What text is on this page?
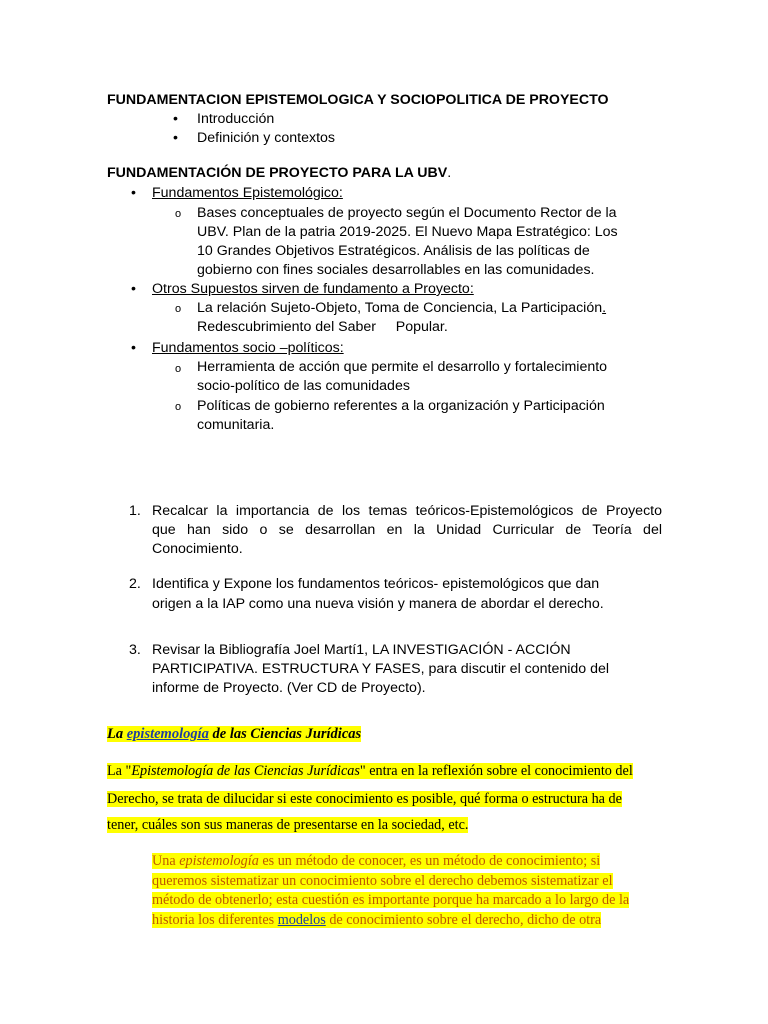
FUNDAMENTACION EPISTEMOLOGICA Y SOCIOPOLITICA DE PROYECTO
• Introducción
• Definición y contextos
FUNDAMENTACIÓN DE PROYECTO PARA LA UBV.
• Fundamentos Epistemológico:
o Bases conceptuales de proyecto según el Documento Rector de la
UBV. Plan de la patria 2019-2025. El Nuevo Mapa Estratégico: Los
10 Grandes Objetivos Estratégicos. Análisis de las políticas de
gobierno con fines sociales desarrollables en las comunidades.
• Otros Supuestos sirven de fundamento a Proyecto:
o La relación Sujeto-Objeto, Toma de Conciencia, La Participación.
Redescubrimiento del Saber     Popular.
• Fundamentos socio –políticos:
o Herramienta de acción que permite el desarrollo y fortalecimiento
socio-político de las comunidades
o Políticas de gobierno referentes a la organización y Participación
comunitaria.
1. Recalcar la importancia de los temas teóricos-Epistemológicos de Proyecto
que han sido o se desarrollan en la Unidad Curricular de Teoría del
Conocimiento.
2. Identifica y Expone los fundamentos teóricos- epistemológicos que dan
origen a la IAP como una nueva visión y manera de abordar el derecho.
3. Revisar la Bibliografía Joel Martí1, LA INVESTIGACIÓN - ACCIÓN
PARTICIPATIVA. ESTRUCTURA Y FASES, para discutir el contenido del
informe de Proyecto. (Ver CD de Proyecto).
La epistemología de las Ciencias Jurídicas
La "Epistemología de las Ciencias Jurídicas" entra en la reflexión sobre el conocimiento del
Derecho, se trata de dilucidar si este conocimiento es posible, qué forma o estructura ha de
tener, cuáles son sus maneras de presentarse en la sociedad, etc.
Una epistemología es un método de conocer, es un método de conocimiento; si
queremos sistematizar un conocimiento sobre el derecho debemos sistematizar el
método de obtenerlo; esta cuestión es importante porque ha marcado a lo largo de la
historia los diferentes modelos de conocimiento sobre el derecho, dicho de otra
